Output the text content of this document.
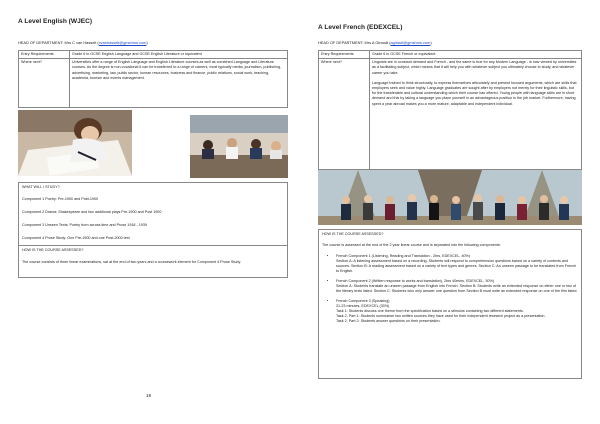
A Level English (WJEC)
HEAD OF DEPARTMENT: Mrs C van Hasselt (cvanhasselt@gmshms.com)
Entry Requirements	Grade 6 in GCSE English Language and GCSE English Literature or equivalent
Where next?	Universities offer a range of English Language and English Literature courses as well as combined Language and Literature courses. As the degree is non-vocational it can be transferred to a range of careers, most typically media, journalism, publishing, advertising, marketing, law, public sector, human resources, business and finance, public relations, social work, teaching, academia, tourism and events management.

WHAT WILL I STUDY?

Component 1 Poetry: Pre-1900 and Post-1900

Component 2 Drama: Shakespeare and two additional plays Pre-1900 and Post 1900

Component 3 Unseen Texts: Poetry from across time and Prose 1918 - 1939

Component 4 Prose Study: One Pre-1900 and one Post-2000 text

HOW IS THE COURSE ASSESSED?

The course consists of three linear examinations, sat at the end of two years and a coursework element for Component 4 Prose Study.

19
A Level French (EDEXCEL)
HEAD OF DEPARTMENT: Mrs A Giraudt (agirault@gmshms.com)
Entry Requirements	Grade 6 in GCSE French or equivalent.
Where next?	Linguists are in constant demand and French - and the same is true for any Modern Language - is now viewed by universities as a facilitating subject, which means that it will help you with whatever subject you ultimately choose to study, and whatever career you take.

Language trained to think structurally, to express themselves articulately and present focused arguments, which are skills that employers seek and value highly. Language graduates are sought after by employers not merely for their linguistic skills, but for the transferable and cultural understanding which their course has offered. Young people with language skills are in short demand and this by taking a language you place yourself in an advantageous position in the job market. Furthermore, having spent a year abroad makes you a more mature, adaptable and independent individual.

HOW IS THE COURSE ASSESSED?

The course is assessed at the end of the 2 year linear course and is separated into the following components:

• French Component 1 (Listening, Reading and Translation - 2hrs, EDEXCEL, 40%)
Section A: A listening assessment based on a recording. Students will respond to comprehension questions based on a variety of contexts and sources. Section B: A reading assessment based on a variety of text types and genres. Section C: An unseen passage to be translated from French to English.
• French Component 2 (Written response to works and translation), 2hrs 40mins, EDEXCEL, 30%)
Section A: Students translate an unseen passage from English into French. Section B: Students write an extended response on either one or two of the literary texts listed. Section C: Students who only answer one question from Section B must write an extended response on one of the film listed.
• French Component 3 (Speaking)
21-23 minutes, EDEXCEL (30%)
Task 1: Students discuss one theme from the specification based on a stimulus containing two different statements.
Task 2, Part 1: Students summarise two written sources they have used for their independent research project as a presentation.
Task 2, Part 2: Students answer questions on their presentation.
